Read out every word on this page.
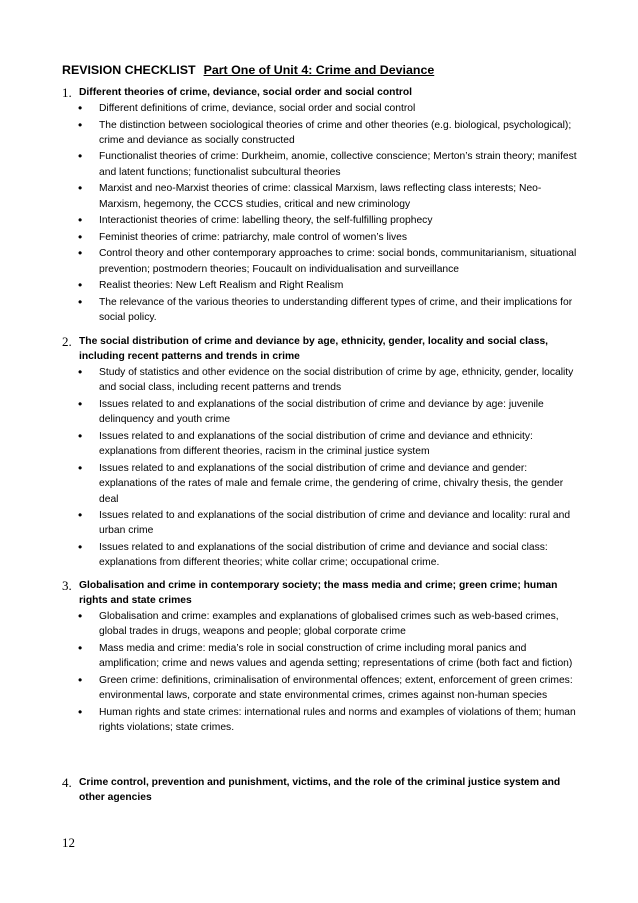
REVISION CHECKLIST Part One of Unit 4: Crime and Deviance
1. Different theories of crime, deviance, social order and social control
• Different definitions of crime, deviance, social order and social control
• The distinction between sociological theories of crime and other theories (e.g. biological, psychological); crime and deviance as socially constructed
• Functionalist theories of crime: Durkheim, anomie, collective conscience; Merton’s strain theory; manifest and latent functions; functionalist subcultural theories
• Marxist and neo-Marxist theories of crime: classical Marxism, laws reflecting class interests; Neo-Marxism, hegemony, the CCCS studies, critical and new criminology
• Interactionist theories of crime: labelling theory, the self-fulfilling prophecy
• Feminist theories of crime: patriarchy, male control of women’s lives
• Control theory and other contemporary approaches to crime: social bonds, communitarianism, situational prevention; postmodern theories; Foucault on individualisation and surveillance
• Realist theories: New Left Realism and Right Realism
• The relevance of the various theories to understanding different types of crime, and their implications for social policy.
2. The social distribution of crime and deviance by age, ethnicity, gender, locality and social class, including recent patterns and trends in crime
• Study of statistics and other evidence on the social distribution of crime by age, ethnicity, gender, locality and social class, including recent patterns and trends
• Issues related to and explanations of the social distribution of crime and deviance by age: juvenile delinquency and youth crime
• Issues related to and explanations of the social distribution of crime and deviance and ethnicity: explanations from different theories, racism in the criminal justice system
• Issues related to and explanations of the social distribution of crime and deviance and gender: explanations of the rates of male and female crime, the gendering of crime, chivalry thesis, the gender deal
• Issues related to and explanations of the social distribution of crime and deviance and locality: rural and urban crime
• Issues related to and explanations of the social distribution of crime and deviance and social class: explanations from different theories; white collar crime; occupational crime.
3. Globalisation and crime in contemporary society; the mass media and crime; green crime; human rights and state crimes
• Globalisation and crime: examples and explanations of globalised crimes such as web-based crimes, global trades in drugs, weapons and people; global corporate crime
• Mass media and crime: media’s role in social construction of crime including moral panics and amplification; crime and news values and agenda setting; representations of crime (both fact and fiction)
• Green crime: definitions, criminalisation of environmental offences; extent, enforcement of green crimes: environmental laws, corporate and state environmental crimes, crimes against non-human species
• Human rights and state crimes: international rules and norms and examples of violations of them; human rights violations; state crimes.
4. Crime control, prevention and punishment, victims, and the role of the criminal justice system and other agencies
12
